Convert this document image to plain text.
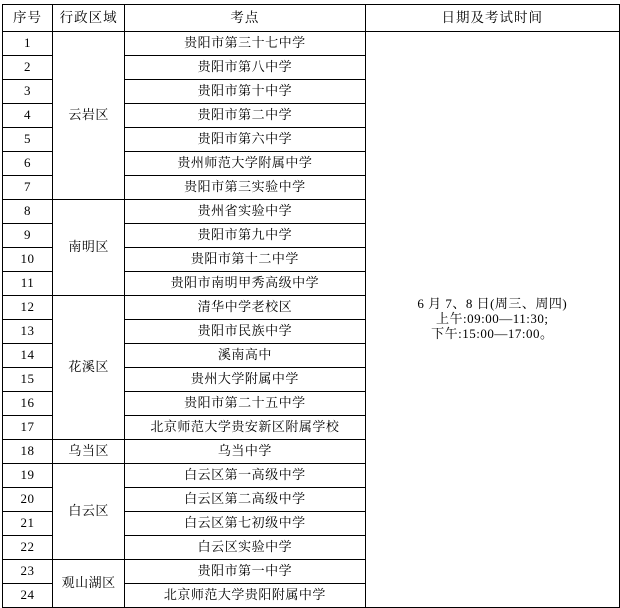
序号	行政区域	考点	日期及考试时间
1	云岩区	贵阳市第三十七中学	6 月 7、8 日(周三、周四)
上午:09:00—11:30;
下午:15:00—17:00。

2		贵阳市第八中学	
3		贵阳市第十中学	
4		贵阳市第二中学	
5		贵阳市第六中学	
6		贵州师范大学附属中学	
7		贵阳市第三实验中学	
8	南明区	贵州省实验中学	
9		贵阳市第九中学	
10		贵阳市第十二中学	
11		贵阳市南明甲秀高级中学	
12	花溪区	清华中学老校区	
13		贵阳市民族中学	
14		溪南高中	
15		贵州大学附属中学	
16		贵阳市第二十五中学	
17		北京师范大学贵安新区附属学校	
18	乌当区	乌当中学	
19	白云区	白云区第一高级中学	
20		白云区第二高级中学	
21		白云区第七初级中学	
22		白云区实验中学	
23	观山湖区	贵阳市第一中学	
24		北京师范大学贵阳附属中学	
